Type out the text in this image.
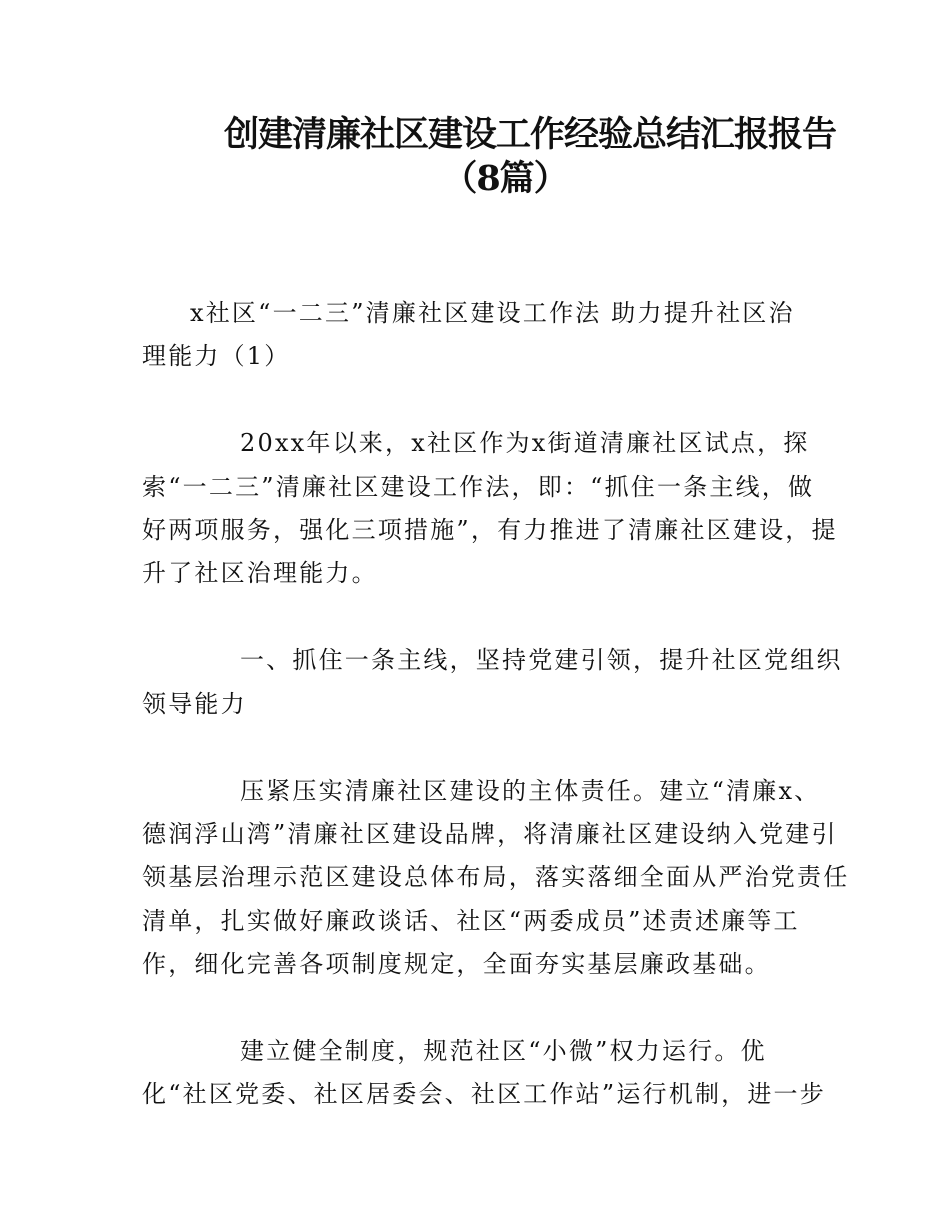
创建清廉社区建设工作经验总结汇报报告
（8篇）
x社区“一二三”清廉社区建设工作法 助力提升社区治
理能力（1）
20xx年以来，x社区作为x街道清廉社区试点，探
索“一二三”清廉社区建设工作法，即：“抓住一条主线，做
好两项服务，强化三项措施”，有力推进了清廉社区建设，提
升了社区治理能力。
一、抓住一条主线，坚持党建引领，提升社区党组织
领导能力
压紧压实清廉社区建设的主体责任。建立“清廉x、
德润浮山湾”清廉社区建设品牌，将清廉社区建设纳入党建引
领基层治理示范区建设总体布局，落实落细全面从严治党责任
清单，扎实做好廉政谈话、社区“两委成员”述责述廉等工
作，细化完善各项制度规定，全面夯实基层廉政基础。
建立健全制度，规范社区“小微”权力运行。优
化“社区党委、社区居委会、社区工作站”运行机制，进一步
